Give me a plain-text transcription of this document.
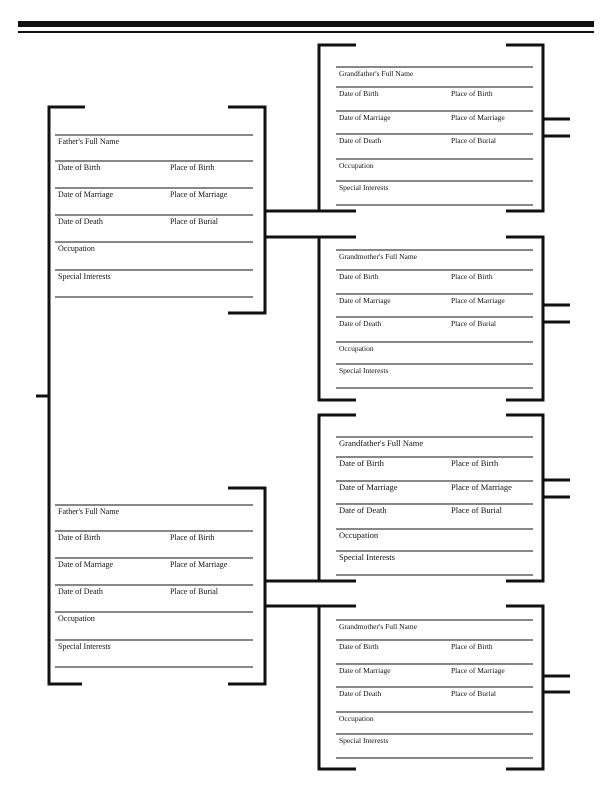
Father's Full Name
Date of Birth	Place of Birth
Date of Marriage	Place of Marriage
Date of Death	Place of Burial
Occupation
Special Interests
Father's Full Name
Date of Birth	Place of Birth
Date of Marriage	Place of Marriage
Date of Death	Place of Burial
Occupation
Special Interests
Grandfather's Full Name
Date of Birth	Place of Birth
Date of Marriage	Place of Marriage
Date of Death	Place of Burial
Occupation
Special Interests
Grandmother's Full Name
Date of Birth	Place of Birth
Date of Marriage	Place of Marriage
Date of Death	Place of Burial
Occupation
Special Interests
Grandfather's Full Name
Date of Birth	Place of Birth
Date of Marriage	Place of Marriage
Date of Death	Place of Burial
Occupation
Special Interests
Grandmother's Full Name
Date of Birth	Place of Birth
Date of Marriage	Place of Marriage
Date of Death	Place of Burial
Occupation
Special Interests
